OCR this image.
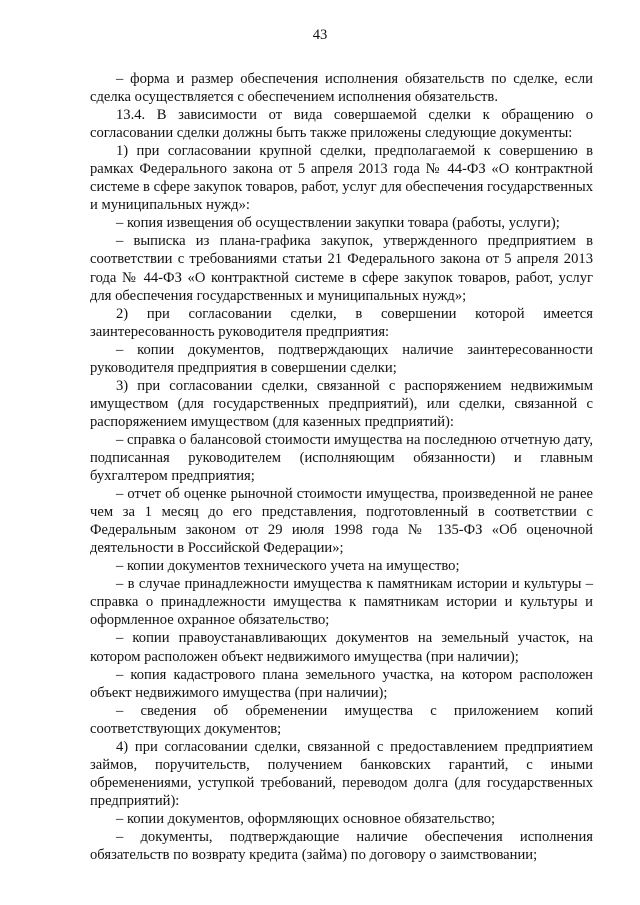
43

– форма и размер обеспечения исполнения обязательств по сделке, если сделка осуществляется с обеспечением исполнения обязательств.

13.4. В зависимости от вида совершаемой сделки к обращению о согласовании сделки должны быть также приложены следующие документы:

1) при согласовании крупной сделки, предполагаемой к совершению в рамках Федерального закона от 5 апреля 2013 года № 44-ФЗ «О контрактной системе в сфере закупок товаров, работ, услуг для обеспечения государственных и муниципальных нужд»:

– копия извещения об осуществлении закупки товара (работы, услуги);

– выписка из плана-графика закупок, утвержденного предприятием в соответствии с требованиями статьи 21 Федерального закона от 5 апреля 2013 года № 44-ФЗ «О контрактной системе в сфере закупок товаров, работ, услуг для обеспечения государственных и муниципальных нужд»;

2) при согласовании сделки, в совершении которой имеется заинтересованность руководителя предприятия:

– копии документов, подтверждающих наличие заинтересованности руководителя предприятия в совершении сделки;

3) при согласовании сделки, связанной с распоряжением недвижимым имуществом (для государственных предприятий), или сделки, связанной с распоряжением имуществом (для казенных предприятий):

– справка о балансовой стоимости имущества на последнюю отчетную дату, подписанная руководителем (исполняющим обязанности) и главным бухгалтером предприятия;

– отчет об оценке рыночной стоимости имущества, произведенной не ранее чем за 1 месяц до его представления, подготовленный в соответствии с Федеральным законом от 29 июля 1998 года № 135-ФЗ «Об оценочной деятельности в Российской Федерации»;

– копии документов технического учета на имущество;

– в случае принадлежности имущества к памятникам истории и культуры – справка о принадлежности имущества к памятникам истории и культуры и оформленное охранное обязательство;

– копии правоустанавливающих документов на земельный участок, на котором расположен объект недвижимого имущества (при наличии);

– копия кадастрового плана земельного участка, на котором расположен объект недвижимого имущества (при наличии);

– сведения об обременении имущества с приложением копий соответствующих документов;

4) при согласовании сделки, связанной с предоставлением предприятием займов, поручительств, получением банковских гарантий, с иными обременениями, уступкой требований, переводом долга (для государственных предприятий):

– копии документов, оформляющих основное обязательство;

– документы, подтверждающие наличие обеспечения исполнения обязательств по возврату кредита (займа) по договору о заимствовании;
